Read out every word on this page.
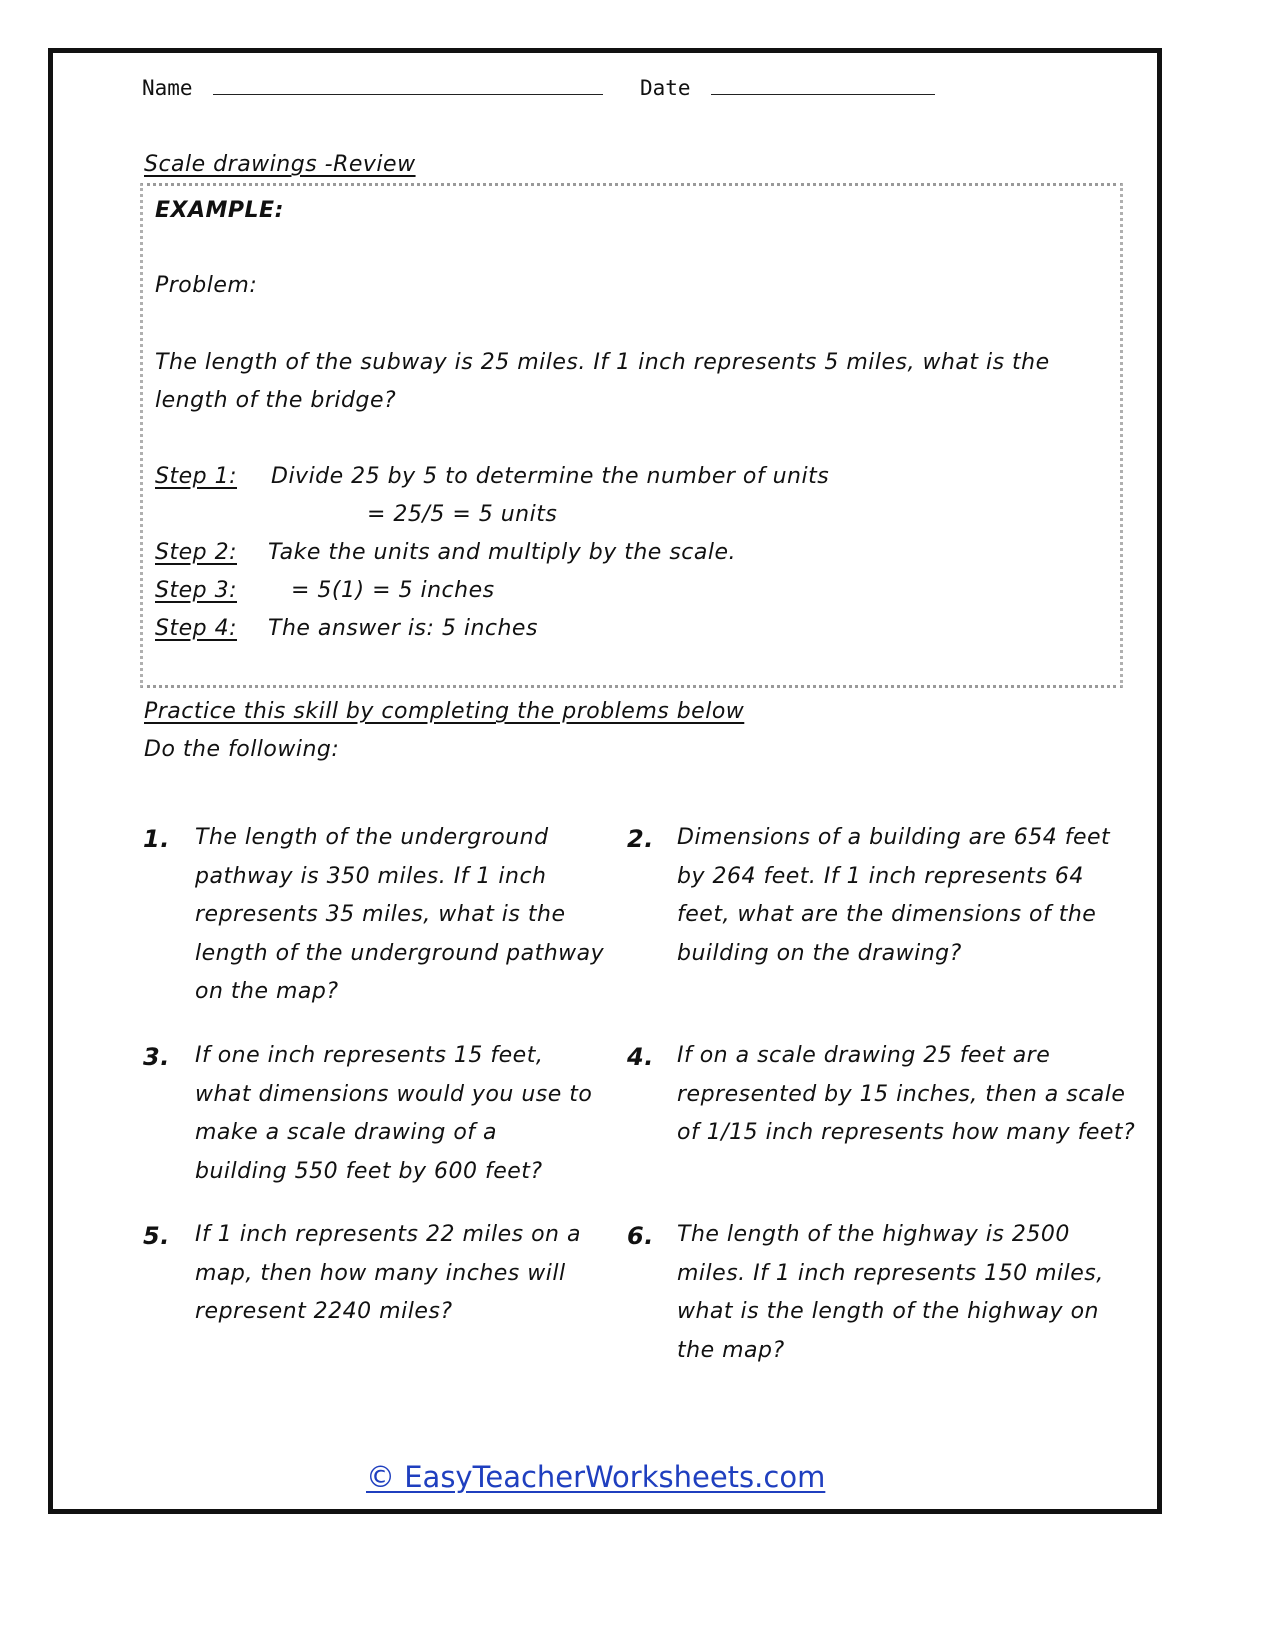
Name	Date
Scale drawings -Review
EXAMPLE:
Problem:
The length of the subway is 25 miles. If 1 inch represents 5 miles, what is the
length of the bridge?
Step 1: Divide 25 by 5 to determine the number of units
= 25/5 = 5 units
Step 2: Take the units and multiply by the scale.
Step 3: = 5(1) = 5 inches
Step 4: The answer is: 5 inches
Practice this skill by completing the problems below
Do the following:
1. The length of the underground pathway is 350 miles. If 1 inch represents 35 miles, what is the length of the underground pathway on the map?
2. Dimensions of a building are 654 feet by 264 feet. If 1 inch represents 64 feet, what are the dimensions of the building on the drawing?
3. If one inch represents 15 feet, what dimensions would you use to make a scale drawing of a building 550 feet by 600 feet?
4. If on a scale drawing 25 feet are represented by 15 inches, then a scale of 1/15 inch represents how many feet?
5. If 1 inch represents 22 miles on a map, then how many inches will represent 2240 miles?
6. The length of the highway is 2500 miles. If 1 inch represents 150 miles, what is the length of the highway on the map?
© EasyTeacherWorksheets.com
